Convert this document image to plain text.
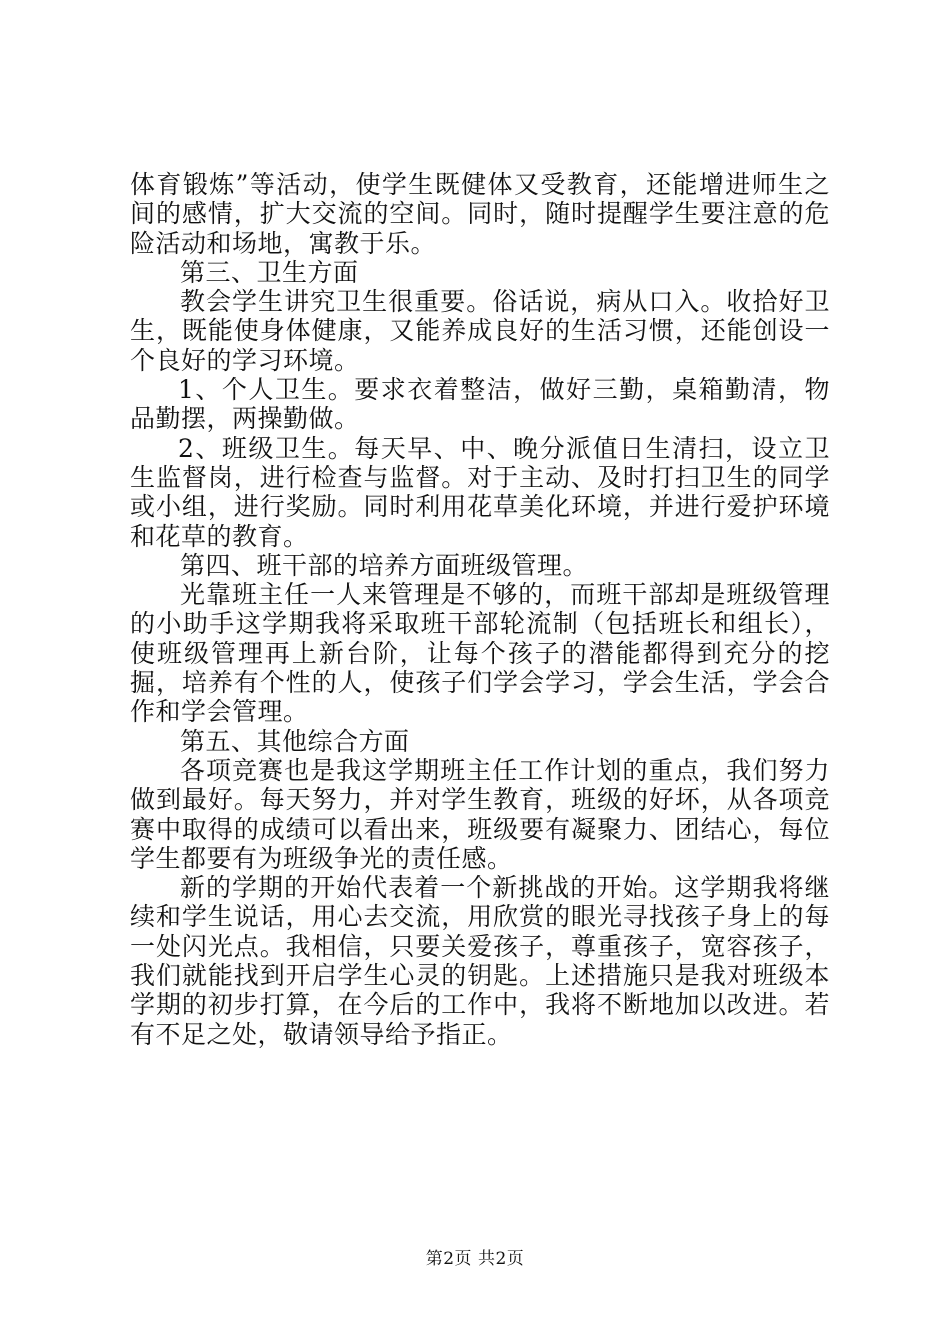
体育锻炼”等活动，使学生既健体又受教育，还能增进师生之间的感情，扩大交流的空间。同时，随时提醒学生要注意的危险活动和场地，寓教于乐。

第三、卫生方面

教会学生讲究卫生很重要。俗话说，病从口入。收拾好卫生，既能使身体健康，又能养成良好的生活习惯，还能创设一个良好的学习环境。

1、个人卫生。要求衣着整洁，做好三勤，桌箱勤清，物品勤摆，两操勤做。

2、班级卫生。每天早、中、晚分派值日生清扫，设立卫生监督岗，进行检查与监督。对于主动、及时打扫卫生的同学或小组，进行奖励。同时利用花草美化环境，并进行爱护环境和花草的教育。

第四、班干部的培养方面班级管理。

光靠班主任一人来管理是不够的，而班干部却是班级管理的小助手这学期我将采取班干部轮流制（包括班长和组长），使班级管理再上新台阶，让每个孩子的潜能都得到充分的挖掘，培养有个性的人，使孩子们学会学习，学会生活，学会合作和学会管理。

第五、其他综合方面

各项竞赛也是我这学期班主任工作计划的重点，我们努力做到最好。每天努力，并对学生教育，班级的好坏，从各项竞赛中取得的成绩可以看出来，班级要有凝聚力、团结心，每位学生都要有为班级争光的责任感。

新的学期的开始代表着一个新挑战的开始。这学期我将继续和学生说话，用心去交流，用欣赏的眼光寻找孩子身上的每一处闪光点。我相信，只要关爱孩子，尊重孩子，宽容孩子，我们就能找到开启学生心灵的钥匙。上述措施只是我对班级本学期的初步打算，在今后的工作中，我将不断地加以改进。若有不足之处，敬请领导给予指正。

第2页 共2页
